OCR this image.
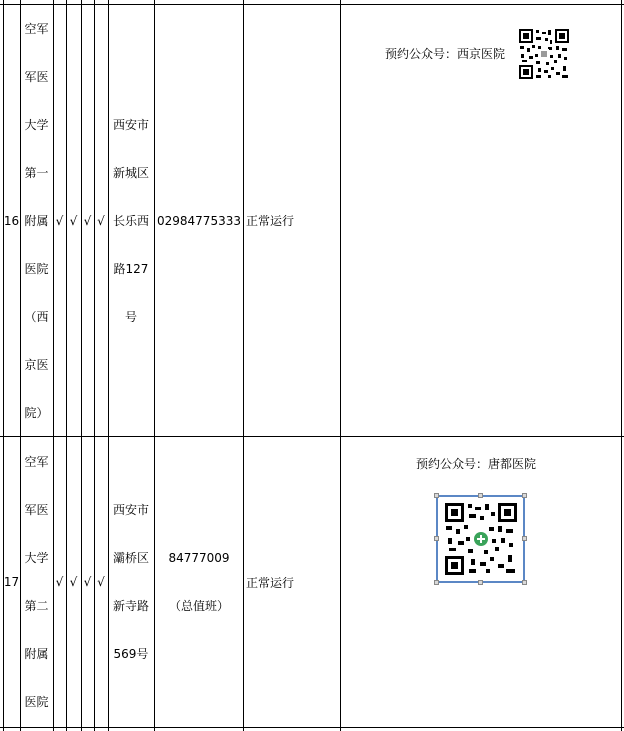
16
空军
军医
大学
第一
附属
医院
（西
京医
院）
√ √ √ √
西安市
新城区
长乐西
路127
号
02984775333 正常运行
预约公众号：西京医院
17
空军
军医
大学
第二
附属
医院
√ √ √ √
西安市
灞桥区
新寺路
569号
84777009
（总值班）
正常运行
预约公众号：唐都医院
